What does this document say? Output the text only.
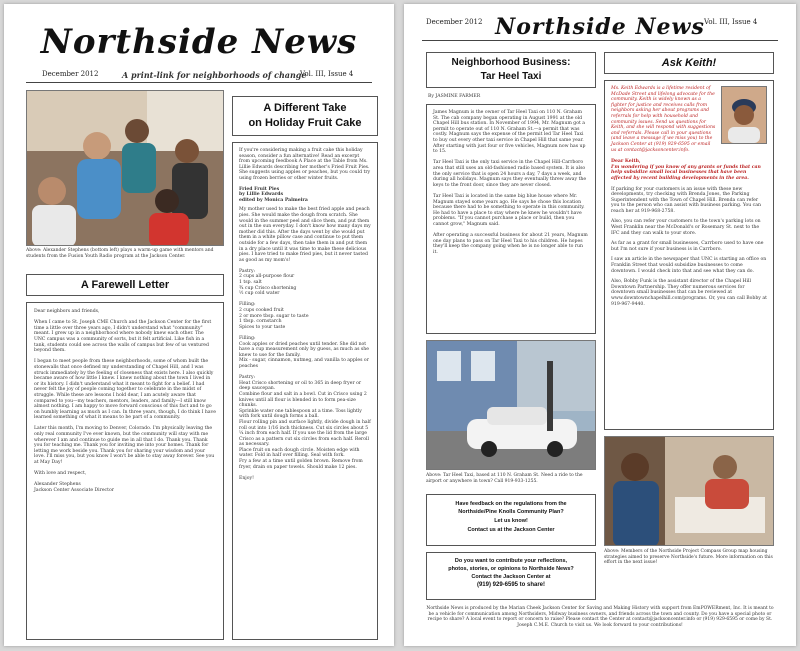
Northside News
December 2012	A print-link for neighborhoods of change
Vol. III, Issue 4
Above: Alexander Stephens (bottom left) plays a warm-up game with mentors and students from the Fusion Youth Radio program at the Jackson Center.
A Farewell Letter
Dear neighbors and friends,

When I came to St. Joseph CME Church and the Jackson Center for the first time a little over three years ago, I didn't understand what "community" meant. I grew up in a neighborhood where nobody knew each other. The UNC campus was a community of sorts, but it felt artificial. Like fish in a tank, students could see across the walls of campus but few of us ventured beyond them.

I began to meet people from these neighborhoods, some of whom built the stonewalls that once defined my understanding of Chapel Hill, and I was struck immediately by the feeling of closeness that exists here. I also quickly became aware of how little I knew. I knew nothing about the town I lived in or its history. I didn't understand what it meant to fight for a belief. I had never felt the joy of people coming together to celebrate in the midst of struggle. While these are lessons I hold dear, I am acutely aware that compared to you—my teachers, mentors, leaders, and family—I still know almost nothing. I am happy to move forward conscious of this fact and to go on humbly learning as much as I can. In three years, though, I do think I have learned something of what it means to be part of a community.

Later this month, I'm moving to Denver, Colorado. I'm physically leaving the only real community I've ever known, but the community will stay with me wherever I am and continue to guide me in all that I do. Thank you. Thank you for teaching me. Thank you for inviting me into your homes. Thank for letting me work beside you. Thank you for sharing your wisdom and your love. I'll miss you, but you know I won't be able to stay away forever. See you at May Day!

With love and respect,

Alexander Stephens
Jackson Center Associate Director
A Different Take
on Holiday Fruit Cake
If you're considering making a fruit cake this holiday season, consider a fun alternative! Read an excerpt from upcoming feedbook A Place at the Table from Ms. Lillie Edwards describing her mother's Fried Fruit Pies. She suggests using apples or peaches, but you could try using frozen berries or other winter fruits.
Fried Fruit Pies
by Lillie Edwards
edited by Monica Palmeira
My mother used to make the best fried apple and peach pies. She would make the dough from scratch. She would in the summer peel and slice them, and put them out in the sun everyday. I don't know how many days my mother did this. After the days went by she would put them in a white pillow case and continue to put them outside for a few days, then take them in and put them in a dry place until it was time to make these delicious pies. I have tried to make fried pies, but it never tasted as good as my mom's!

Pastry:
2 cups all-purpose flour
1 tsp. salt
¾ cup Crisco shortening
½ cup cold water

Filling:
2 cups cooked fruit
2 or more tbsp. sugar to taste
1 tbsp. cornstarch
Spices to your taste

Filling:
Cook apples or dried peaches until tender. She did not have a cup measurement only by guess, as much as she knew to use for the family.
Mix - sugar, cinnamon, nutmeg, and vanilla to apples or peaches

Pastry:
Heat Crisco shortening or oil to 365 in deep fryer or deep saucepan.
Combine flour and salt in a bowl. Cut in Crisco using 2 knives until all flour is blended in to form pea-size chunks.
Sprinkle water one tablespoon at a time. Toss lightly with fork until dough forms a ball.
Flour rolling pin and surface lightly, divide dough in half roll out into 1/16 inch thickness. Cut six circles about 5 ¼ inch from each half. If you use the lid from the large Crisco as a pattern cut six circles from each half. Reroll as necessary.
Place fruit on each dough circle. Moisten edge with water. Fold in half over filling. Seal with fork.
Fry a few at a time until golden brown. Remove from fryer, drain on paper towels. Should make 12 pies.

Enjoy!
December 2012 Northside News Vol. III, Issue 4
Neighborhood Business:
Tar Heel Taxi
By JASMINE FARMER
James Magnum is the owner of Tar Heel Taxi on 110 N. Graham St. The cab company began operating in August 1991 at the old Chapel Hill bus station. In November of 1994, Mr. Magnum got a permit to operate out of 110 N. Graham St.—a permit that was costly. Magnum says the expense of the permit led Tar Heel Taxi to buy out every other taxi service in Chapel Hill that same year. After starting with just four or five vehicles, Magnum now has up to 15.

Tar Heel Taxi is the only taxi service in the Chapel Hill-Carrboro area that still uses an old-fashioned radio based system. It is also the only service that is open 24 hours a day, 7 days a week, and during all holidays. Magnum says they eventually threw away the keys to the front door, since they are never closed.

Tar Heel Taxi is located in the same big blue house where Mr. Magnum stayed some years ago. He says he chose this location because there had to be something to operate in this community. He had to have a place to stay where he knew he wouldn't have problems. "If you cannot purchase a place or build, then you cannot grow," Magnum said.

After operating a successful business for about 21 years, Magnum one day plans to pass on Tar Heel Taxi to his children. He hopes they'll keep the company going when he is no longer able to run it.
Above: Tar Heel Taxi, based at 110 N. Graham St. Need a ride to the airport or anywhere in town? Call 919-933-1255.
Have feedback on the regulations from the
Northside/Pine Knolls Community Plan?
Let us know!
Contact us at the Jackson Center
Do you want to contribute your reflections,
photos, stories, or opinions to Northside News?
Contact the Jackson Center at
(919) 929-6595 to share!
Ask Keith!
Ms. Keith Edwards is a lifetime resident of McDade Street and lifelong advocate for the community. Keith is widely known as a fighter for justice and receives calls from neighbors asking her about programs and referrals for help with household and community issues. Send us questions for Keith, and she will respond with suggestions and referrals. Please call in your questions (and leave a message if we miss you) to the Jackson Center at (919) 929-6595 or email us at contact@jacksoncenter.info.
Dear Keith,
I'm wondering if you know of any grants or funds that can help subsidize small local businesses that have been affected by recent building developments in the area.
If parking for your customers is an issue with these new developments, try checking with Brenda Jones, the Parking Superintendent with the Town of Chapel Hill. Brenda can refer you to the person who can assist with business parking. You can reach her at 919-968-2758.
Also, you can refer your customers to the town's parking lots on West Franklin near the McDonald's or Rosemary St. next to the IFC and they can walk to your store.
As far as a grant for small businesses, Carrboro used to have one but I'm not sure if your business is in Carrboro.
I saw an article in the newspaper that UNC is starting an office on Franklin Street that would subsidize businesses to come downtown. I would check into that and see what they can do.
Also, Bobby Funk is the assistant director of the Chapel Hill Downtown Partnership. They offer numerous services for downtown small businesses that can be reviewed at www.downtownchapelhill.com/programs. Or, you can call Bobby at 919-967-9440.
Above: Members of the Northside Project Compass Group map housing strategies aimed to preserve Northside's future. More information on this effort in the next issue!
Northside News is produced by the Marian Cheek Jackson Center for Saving and Making History with support from EmPOWERment, Inc. It is meant to be a vehicle for communication among Northsiders, Midway business owners, and friends across the town and county. Do you have a special photo or recipe to share? A local event to report or concern to raise? Please contact the Center at contact@jacksoncenter.info or (919) 929-6595 or come by St. Joseph C.M.E. Church to visit us. We look forward to your contributions!
